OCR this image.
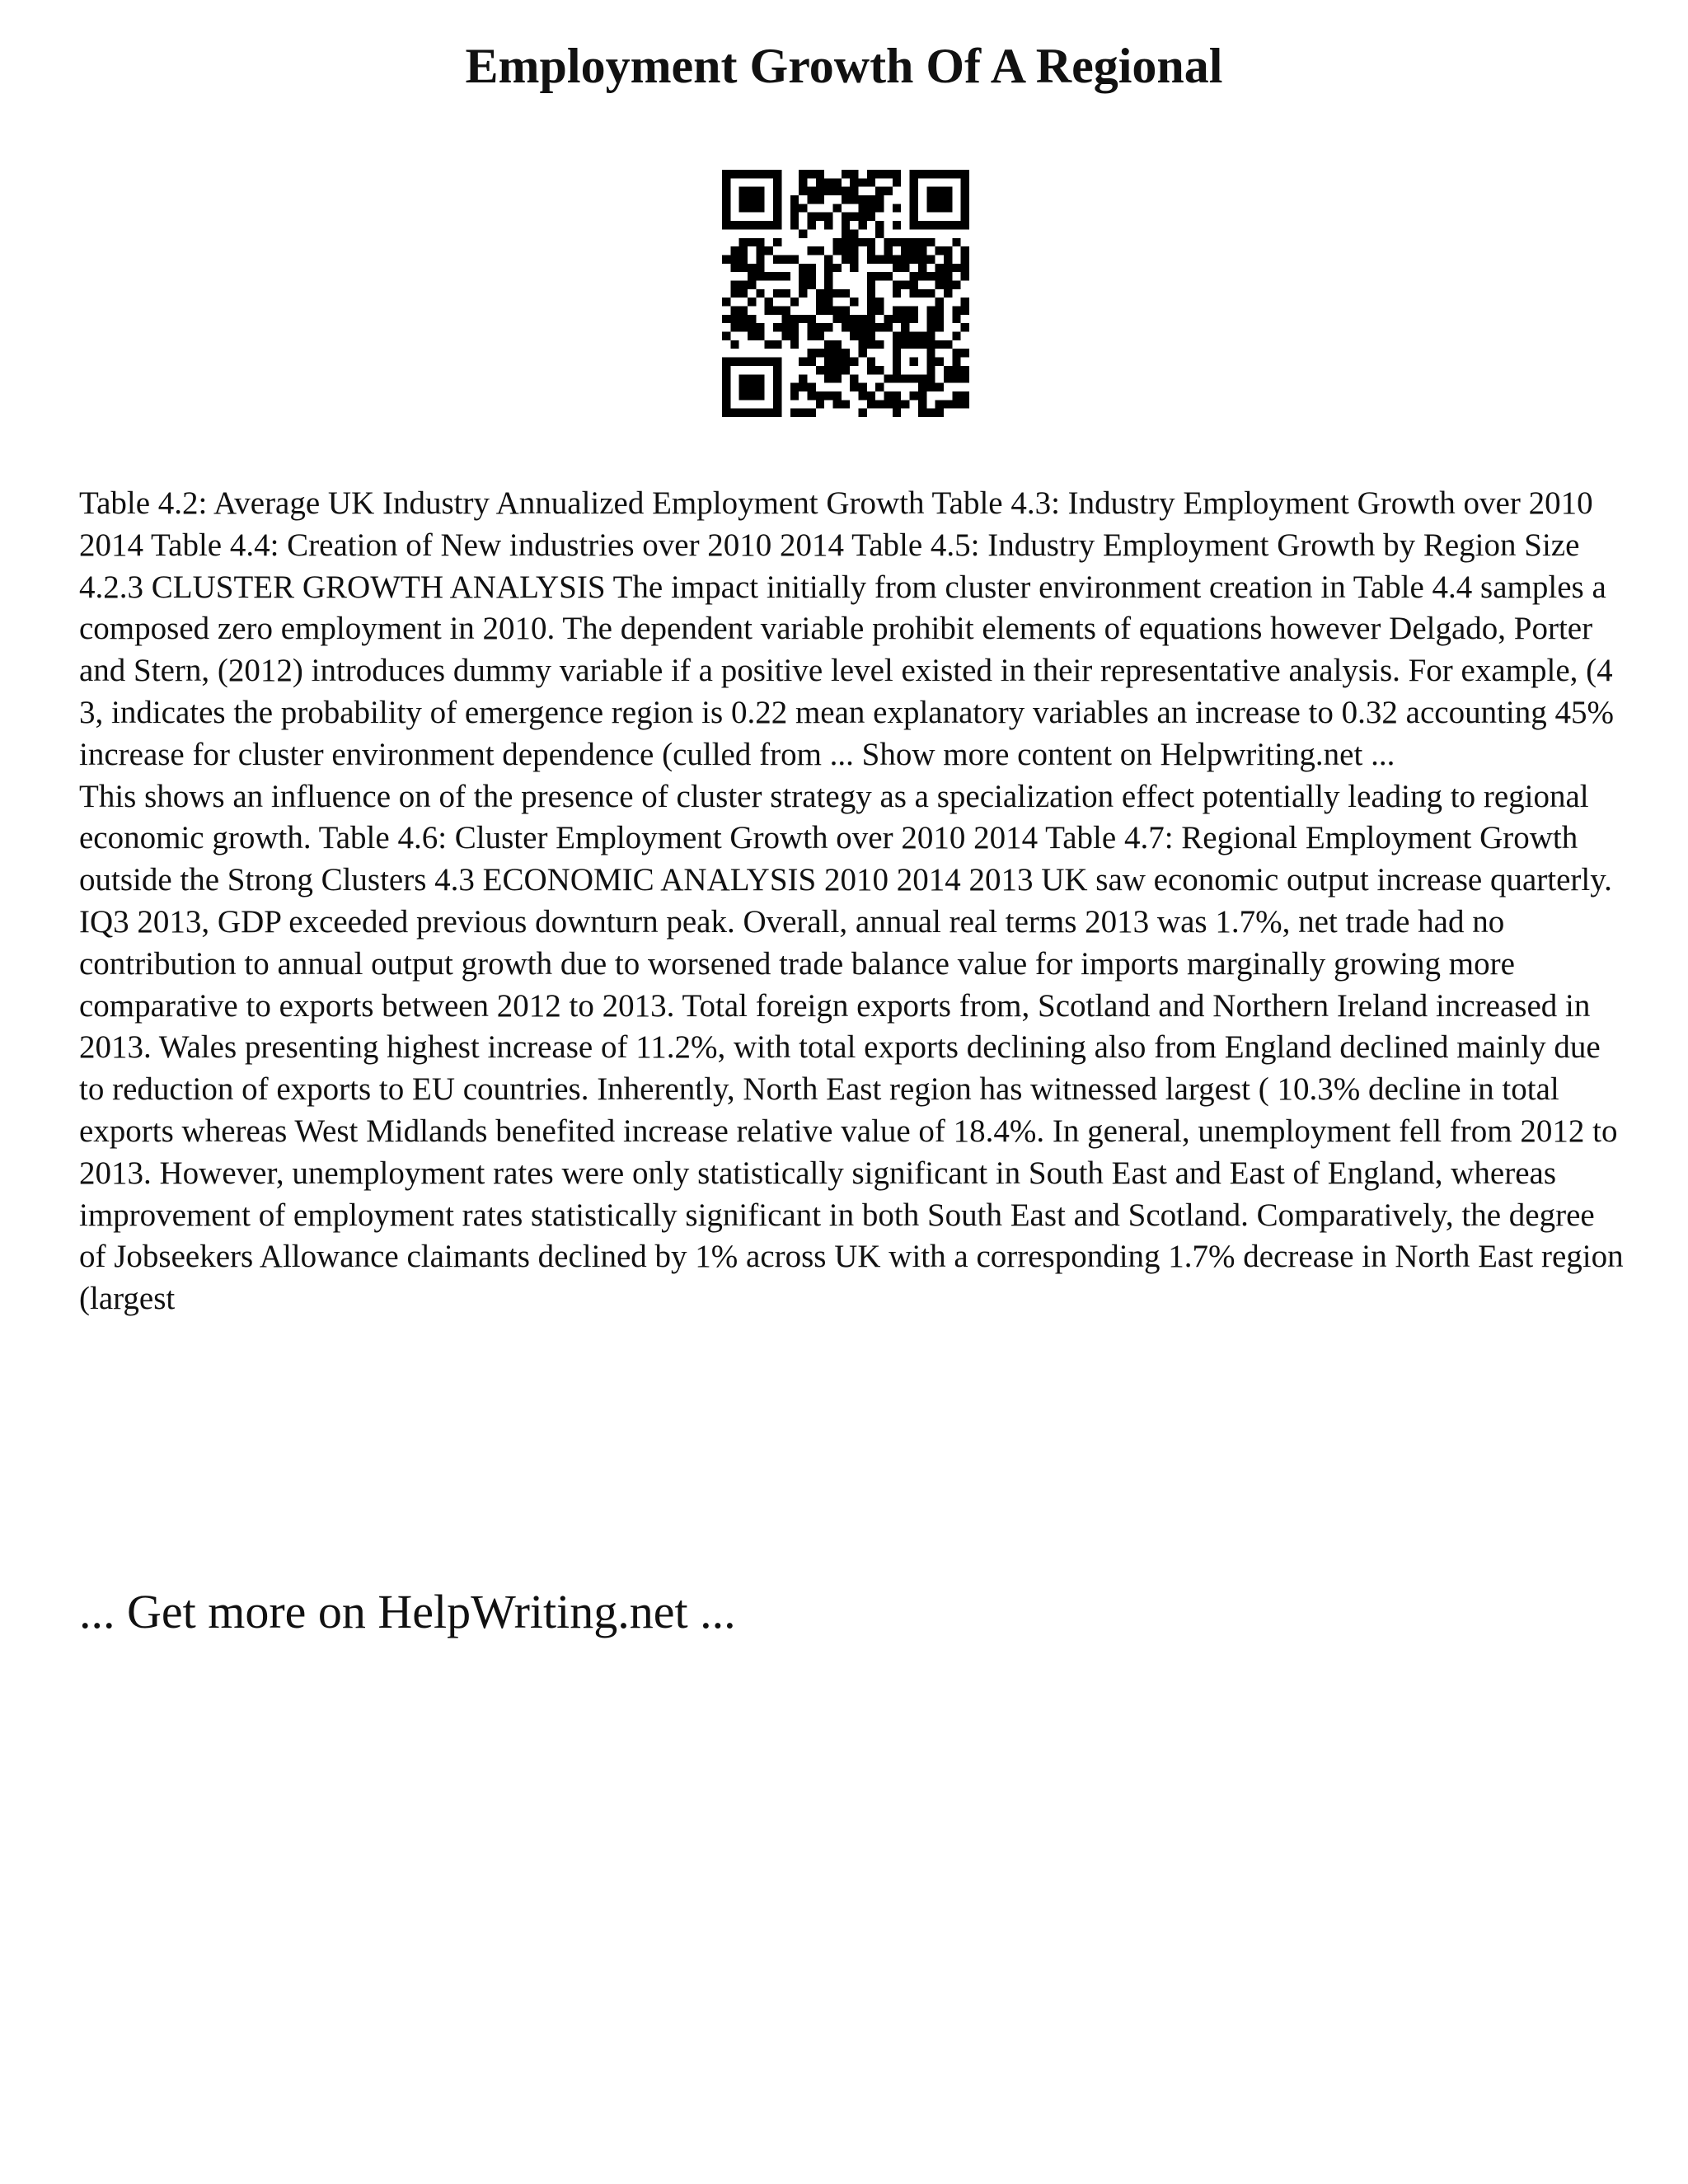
Employment Growth Of A Regional

Table 4.2: Average UK Industry Annualized Employment Growth Table 4.3: Industry Employment Growth over 2010 2014 Table 4.4: Creation of New industries over 2010 2014 Table 4.5: Industry Employment Growth by Region Size 4.2.3 CLUSTER GROWTH ANALYSIS The impact initially from cluster environment creation in Table 4.4 samples a composed zero employment in 2010. The dependent variable prohibit elements of equations however Delgado, Porter and Stern, (2012) introduces dummy variable if a positive level existed in their representative analysis. For example, (4 3, indicates the probability of emergence region is 0.22 mean explanatory variables an increase to 0.32 accounting 45% increase for cluster environment dependence (culled from ... Show more content on Helpwriting.net ...

This shows an influence on of the presence of cluster strategy as a specialization effect potentially leading to regional economic growth. Table 4.6: Cluster Employment Growth over 2010 2014 Table 4.7: Regional Employment Growth outside the Strong Clusters 4.3 ECONOMIC ANALYSIS 2010 2014 2013 UK saw economic output increase quarterly. IQ3 2013, GDP exceeded previous downturn peak. Overall, annual real terms 2013 was 1.7%, net trade had no contribution to annual output growth due to worsened trade balance value for imports marginally growing more comparative to exports between 2012 to 2013. Total foreign exports from, Scotland and Northern Ireland increased in 2013. Wales presenting highest increase of 11.2%, with total exports declining also from England declined mainly due to reduction of exports to EU countries. Inherently, North East region has witnessed largest ( 10.3% decline in total exports whereas West Midlands benefited increase relative value of 18.4%. In general, unemployment fell from 2012 to 2013. However, unemployment rates were only statistically significant in South East and East of England, whereas improvement of employment rates statistically significant in both South East and Scotland. Comparatively, the degree of Jobseekers Allowance claimants declined by 1% across UK with a corresponding 1.7% decrease in North East region (largest

... Get more on HelpWriting.net ...
